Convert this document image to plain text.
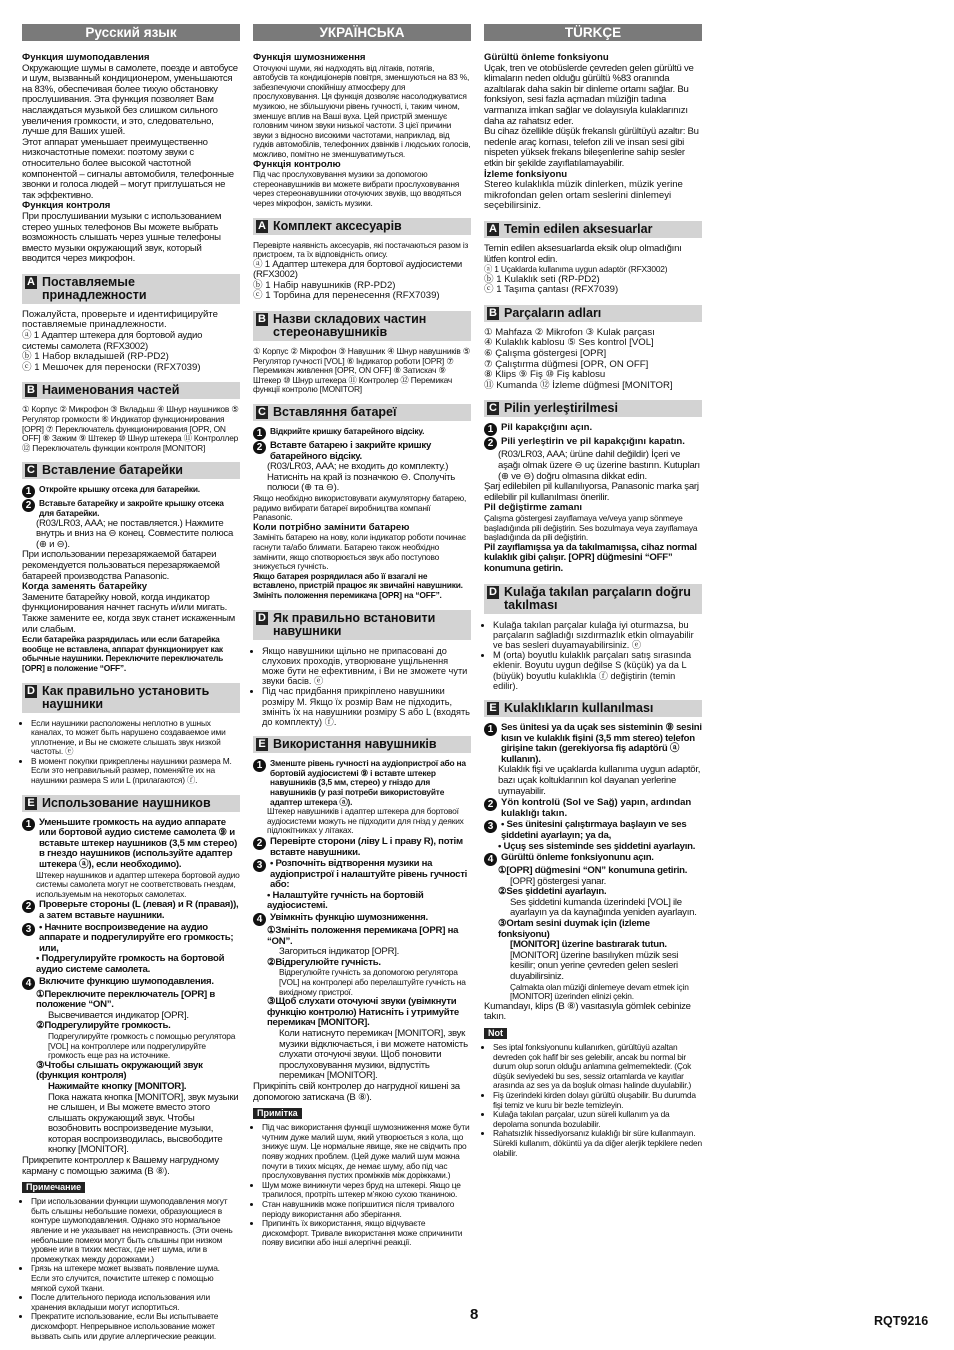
Русский язык

Функция шумоподавления

Окружающие шумы в самолете, поезде и автобусе и шум, вызванный кондиционером, уменьшаются на 83%, обеспечивая более тихую обстановку прослушивания. Эта функция позволяет Вам наслаждаться музыкой без слишком сильного увеличения громкости, и это, следовательно, лучше для Ваших ушей.

Этот аппарат уменьшает преимущественно низкочастотные помехи: поэтому звуки с относительно более высокой частотной компонентой – сигналы автомобиля, телефонные звонки и голоса людей – могут приглушаться не так эффективно.

Функция контроля

При прослушивании музыки с использованием стерео ушных телефонов Вы можете выбрать возможность слышать через ушные телефоны вместо музыки окружающий звук, который вводится через микрофон.

A Поставляемые принадлежности

Пожалуйста, проверьте и идентифицируйте поставляемые принадлежности.

ⓐ 1 Адаптер штекера для бортовой аудио системы самолета (RFX3002)

ⓑ 1 Набор вкладышей (RP-PD2)

ⓒ 1 Мешочек для переноски (RFX7039)

B Наименования частей

① Корпус ② Микрофон ③ Вкладыш ④ Шнур наушников ⑤ Регулятор громкости ⑥ Индикатор функционирования [OPR] ⑦ Переключатель функционирования [OPR, ON OFF] ⑧ Зажим ⑨ Штекер ⑩ Шнур штекера ⑪ Контроллер ⑫ Переключатель функции контроля [MONITOR]

C Вставление батарейки
1 Откройте крышку отсека для батарейки.
2 Вставьте батарейку и закройте крышку отсека для батарейки.

(R03/LR03, AAA; не поставляется.) Нажмите внутрь и вниз на ⊖ конец. Совместите полюса (⊕ и ⊖).

При использовании перезаряжаемой батареи рекомендуется пользоваться перезаряжаемой батареей производства Panasonic.

Когда заменять батарейку

Замените батарейку новой, когда индикатор функционирования начнет гаснуть и/или мигать. Также замените ее, когда звук станет искаженным или слабым.

Если батарейка разрядилась или если батарейка вообще не вставлена, аппарат функционирует как обычные наушники. Переключите переключатель [OPR] в положение “OFF”.

D Как правильно установить наушники
• Если наушники расположены неплотно в ушных каналах, то может быть нарушено создаваемое ими уплотнение, и Вы не сможете слышать звук низкой частоты. ⓔ
• В момент покупки прикреплены наушники размера M. Если это неправильный размер, поменяйте их на наушники размера S или L (прилагаются) ⓕ.
E Использование наушников
1 Уменьшите громкость на аудио аппарате или бортовой аудио системе самолета ⑨ и вставьте штекер наушников (3,5 мм стерео) в гнездо наушников (используйте адаптер штекера ⓐ), если необходимо).

Штекер наушников и адаптер штекера бортовой аудио системы самолета могут не соответствовать гнездам, используемым на некоторых самолетах.

2 Проверьте стороны (L (левая) и R (правая)), а затем вставьте наушники.
3 • Начните воспроизведение на аудио аппарате и подрегулируйте его громкость; или,

• Подрегулируйте громкость на бортовой аудио системе самолета.

4 Включите функцию шумоподавления.

①Переключите переключатель [OPR] в положение “ON”.

Высвечивается индикатор [OPR].

②Подрегулируйте громкость.

Подрегулируйте громкость с помощью регулятора [VOL] на контроллере или подрегулируйте громкость еще раз на источнике.

③Чтобы слышать окружающий звук (функция контроля)

Нажимайте кнопку [MONITOR].

Пока нажата кнопка [MONITOR], звук музыки не слышен, и Вы можете вместо этого слышать окружающий звук. Чтобы возобновить воспроизведение музыки, которая воспроизводилась, высвободите кнопку [MONITOR].

Прикрепите контроллер к Вашему нагрудному карману с помощью зажима (B ⑧).

Примечание
• При использовании функции шумоподавления могут быть слышны небольшие помехи, образующиеся в контуре шумоподавления. Однако это нормальное явление и не указывает на неисправность. (Эти очень небольшие помехи могут быть слышны при низком уровне или в тихих местах, где нет шума, или в промежутках между дорожками.)
• Грязь на штекере может вызвать появление шума. Если это случится, почистите штекер с помощью мягкой сухой ткани.
• После длительного периода использования или хранения вкладыши могут испортиться.
• Прекратите использование, если Вы испытываете дискомфорт. Непрерывное использование может вызвать сыпь или другие аллергические реакции.
УКРАЇНСЬКА

Функція шумозниження

Оточуючі шуми, які надходять від літаків, потягів, автобусів та кондиціонерів повітря, зменшуються на 83 %, забезпечуючи спокійнішу атмосферу для прослуховування. Ця функція дозволяє насолоджуватися музикою, не збільшуючи рівень гучності, і, таким чином, зменшує вплив на Ваші вуха. Цей пристрій зменшує головним чином звуки низької частоти. З цієї причини звуки з відносно високими частотами, наприклад, від гудків автомобілів, телефонних дзвінків і людських голосів, можливо, помітно не зменшуватимуться.

Функція контролю

Під час прослуховування музики за допомогою стереонавушників ви можете вибрати прослуховування через стереонавушники оточуючих звуків, що вводяться через мікрофон, замість музики.

A Комплект аксесуарів

Перевірте наявність аксесуарів, які постачаються разом із пристроєм, та їх відповідність опису.

ⓐ 1 Адаптер штекера для бортової аудіосистеми (RFX3002)

ⓑ 1 Набір навушників (RP-PD2)

ⓒ 1 Торбина для перенесення (RFX7039)

B Назви складових частин стереонавушників

① Корпус ② Мікрофон ③ Навушник ④ Шнур навушників ⑤ Регулятор гучності [VOL] ⑥ Індикатор роботи [OPR] ⑦ Перемикач живлення [OPR, ON OFF] ⑧ Затискач ⑨ Штекер ⑩ Шнур штекера ⑪ Контролер ⑫ Перемикач функції контролю [MONITOR]

C Вставляння батареї
1 Відкрийте кришку батарейного відсіку.
2 Вставте батарею і закрийте кришку батарейного відсіку.

(R03/LR03, AAA; не входить до комплекту.) Натисніть на край із позначкою ⊖. Сполучіть полюси (⊕ та ⊖).

Якщо необхідно використовувати акумуляторну батарею, радимо вибирати батареї виробництва компанії Panasonic.

Коли потрібно замінити батарею

Замініть батарею на нову, коли індикатор роботи починає гаснути та/або блимати. Батарею також необхідно замінити, якщо спотворюється звук або поступово знижується гучність.

Якщо батарея розрядилася або її взагалі не вставлено, пристрій працює як звичайні навушники. Змініть положення перемикача [OPR] на “OFF”.

D Як правильно встановити навушники
• Якщо навушники щільно не припасовані до слухових проходів, утворюване ущільнення може бути не ефективним, і Ви не зможете чути звуки басів. ⓔ
• Під час придбання прикріплено навушники розміру M. Якщо їх розмір Вам не підходить, змініть їх на навушники розміру S або L (входять до комплекту) ⓕ.
E Використання навушників
1 Зменште рівень гучності на аудіопристрої або на бортовій аудіосистемі ⑨ і вставте штекер навушників (3,5 мм, стерео) у гніздо для навушників (у разі потреби використовуйте адаптер штекера ⓐ).

Штекер навушників і адаптер штекера для бортової аудіосистеми можуть не підходити для гнізд у деяких підлокітниках у літаках.

2 Перевірте сторони (ліву L і праву R), потім вставте навушники.
3 • Розпочніть відтворення музики на аудіопристрої і налаштуйте рівень гучності або:

• Налаштуйте гучність на бортовій аудіосистемі.

4 Увімкніть функцію шумозниження.

①Змініть положення перемикача [OPR] на “ON”.

Загориться індикатор [OPR].

②Відрегулюйте гучність.

Відрегулюйте гучність за допомогою регулятора [VOL] на контролері або перелаштуйте гучність на вихідному пристрої.

③Щоб слухати оточуючі звуки (увімкнути функцію контролю) Натисніть і утримуйте перемикач [MONITOR].

Коли натиснуто перемикач [MONITOR], звук музики відключається, і ви можете натомість слухати оточуючі звуки. Щоб поновити прослуховування музики, відпустіть перемикач [MONITOR].

Прикріпіть свій контролер до нагрудної кишені за допомогою затискача (B ⑧).

Примітка
• Під час використання функції шумозниження може бути чутним дуже малий шум, який утворюється з кола, що знижує шум. Це нормальне явище, яке не свідчить про появу жодних проблем. (Цей дуже малий шум можна почути в тихих місцях, де немає шуму, або під час прослуховування пустих проміжків між доріжками.)
• Шум може виникнути через бруд на штекері. Якщо це трапилося, протріть штекер м’якою сухою тканиною.
• Стан навушників може погіршитися після тривалого періоду використання або зберігання.
• Припиніть їх використання, якщо відчуваєте дискомфорт. Тривале використання може спричинити появу висипки або інші алергічні реакції.
TÜRKÇE

Gürültü önleme fonksiyonu

Uçak, tren ve otobüslerde çevreden gelen gürültü ve klimaların neden olduğu gürültü %83 oranında azaltılarak daha sakin bir dinleme ortamı sağlar. Bu fonksiyon, sesi fazla açmadan müziğin tadına varmanıza imkan sağlar ve dolayısıyla kulaklarınızı daha az rahatsız eder.

Bu cihaz özellikle düşük frekanslı gürültüyü azaltır: Bu nedenle araç kornası, telefon zili ve insan sesi gibi nispeten yüksek frekans bileşenlerine sahip sesler etkin bir şekilde zayıflatılamayabilir.

İzleme fonksiyonu

Stereo kulaklıkla müzik dinlerken, müzik yerine mikrofondan gelen ortam seslerini dinlemeyi seçebilirsiniz.

A Temin edilen aksesuarlar

Temin edilen aksesuarlarda eksik olup olmadığını lütfen kontrol edin.

ⓐ 1 Uçaklarda kullanıma uygun adaptör (RFX3002)

ⓑ 1 Kulaklık seti (RP-PD2)

ⓒ 1 Taşıma çantası (RFX7039)

B Parçaların adları

① Mahfaza ② Mikrofon ③ Kulak parçası

④ Kulaklık kablosu ⑤ Ses kontrol [VOL]

⑥ Çalışma göstergesi [OPR]

⑦ Çalıştırma düğmesi [OPR, ON OFF]

⑧ Klips ⑨ Fiş ⑩ Fiş kablosu

⑪ Kumanda ⑫ İzleme düğmesi [MONITOR]

C Pilin yerleştirilmesi
1 Pil kapakçığını açın.
2 Pili yerleştirin ve pil kapakçığını kapatın.

(R03/LR03, AAA; ürüne dahil değildir) İçeri ve aşağı olmak üzere ⊖ uç üzerine bastırın. Kutupları (⊕ ve ⊖) doğru olmasına dikkat edin.

Şarj edilebilen pil kullanılıyorsa, Panasonic marka şarj edilebilir pil kullanılması önerilir.

Pil değiştirme zamanı

Çalışma göstergesi zayıflamaya ve/veya yanıp sönmeye başladığında pili değiştirin. Ses bozulmaya veya zayıflamaya başladığında da pili değiştirin.

Pil zayıflamışsa ya da takılmamışsa, cihaz normal kulaklık gibi çalışır. [OPR] düğmesini “OFF” konumuna getirin.

D Kulağa takılan parçaların doğru takılması
• Kulağa takılan parçalar kulağa iyi oturmazsa, bu parçaların sağladığı sızdırmazlık etkin olmayabilir ve bas sesleri duyamayabilirsiniz. ⓔ
• M (orta) boyutlu kulaklık parçaları satış sırasında eklenir. Boyutu uygun değilse S (küçük) ya da L (büyük) boyutlu kulaklıkla ⓕ değiştirin (temin edilir).
E Kulaklıkların kullanılması
1 Ses ünitesi ya da uçak ses sisteminin ⑨ sesini kısın ve kulaklık fişini (3,5 mm stereo) telefon girişine takın (gerekiyorsa fiş adaptörü ⓐ kullanın).

Kulaklık fişi ve uçaklarda kullanıma uygun adaptör, bazı uçak koltuklarının kol dayanan yerlerine uymayabilir.

2 Yön kontrolü (Sol ve Sağ) yapın, ardından kulaklığı takın.
3 • Ses ünitesini çalıştırmaya başlayın ve ses şiddetini ayarlayın; ya da,

• Uçuş ses sisteminde ses şiddetini ayarlayın.

4 Gürültü önleme fonksiyonunu açın.

①[OPR] düğmesini “ON” konumuna getirin.

[OPR] göstergesi yanar.

②Ses şiddetini ayarlayın.

Ses şiddetini kumanda üzerindeki [VOL] ile ayarlayın ya da kaynağında yeniden ayarlayın.

③Ortam sesini duymak için (izleme fonksiyonu)

[MONITOR] üzerine bastırarak tutun.

[MONITOR] üzerine basılıyken müzik sesi kesilir; onun yerine çevreden gelen sesleri duyabilirsiniz.

Çalmakta olan müziği dinlemeye devam etmek için [MONITOR] üzerinden elinizi çekin.

Kumandayı, klips (B ⑧) vasıtasıyla gömlek cebinize takın.

Not
• Ses iptal fonksiyonunu kullanırken, gürültüyü azaltan devreden çok hafif bir ses gelebilir, ancak bu normal bir durum olup sorun olduğu anlamına gelmemektedir. (Çok düşük seviyedeki bu ses, sessiz ortamlarda ve kayıtlar arasında az ses ya da boşluk olması halinde duyulabilir.)
• Fiş üzerindeki kirden dolayı gürültü oluşabilir. Bu durumda fişi temiz ve kuru bir bezle temizleyin.
• Kulağa takılan parçalar, uzun süreli kullanım ya da depolama sonunda bozulabilir.
• Rahatsızlık hissediyorsanız kulaklığı bir süre kullanmayın. Sürekli kullanım, döküntü ya da diğer alerjik tepkilere neden olabilir.
8	RQT9216
